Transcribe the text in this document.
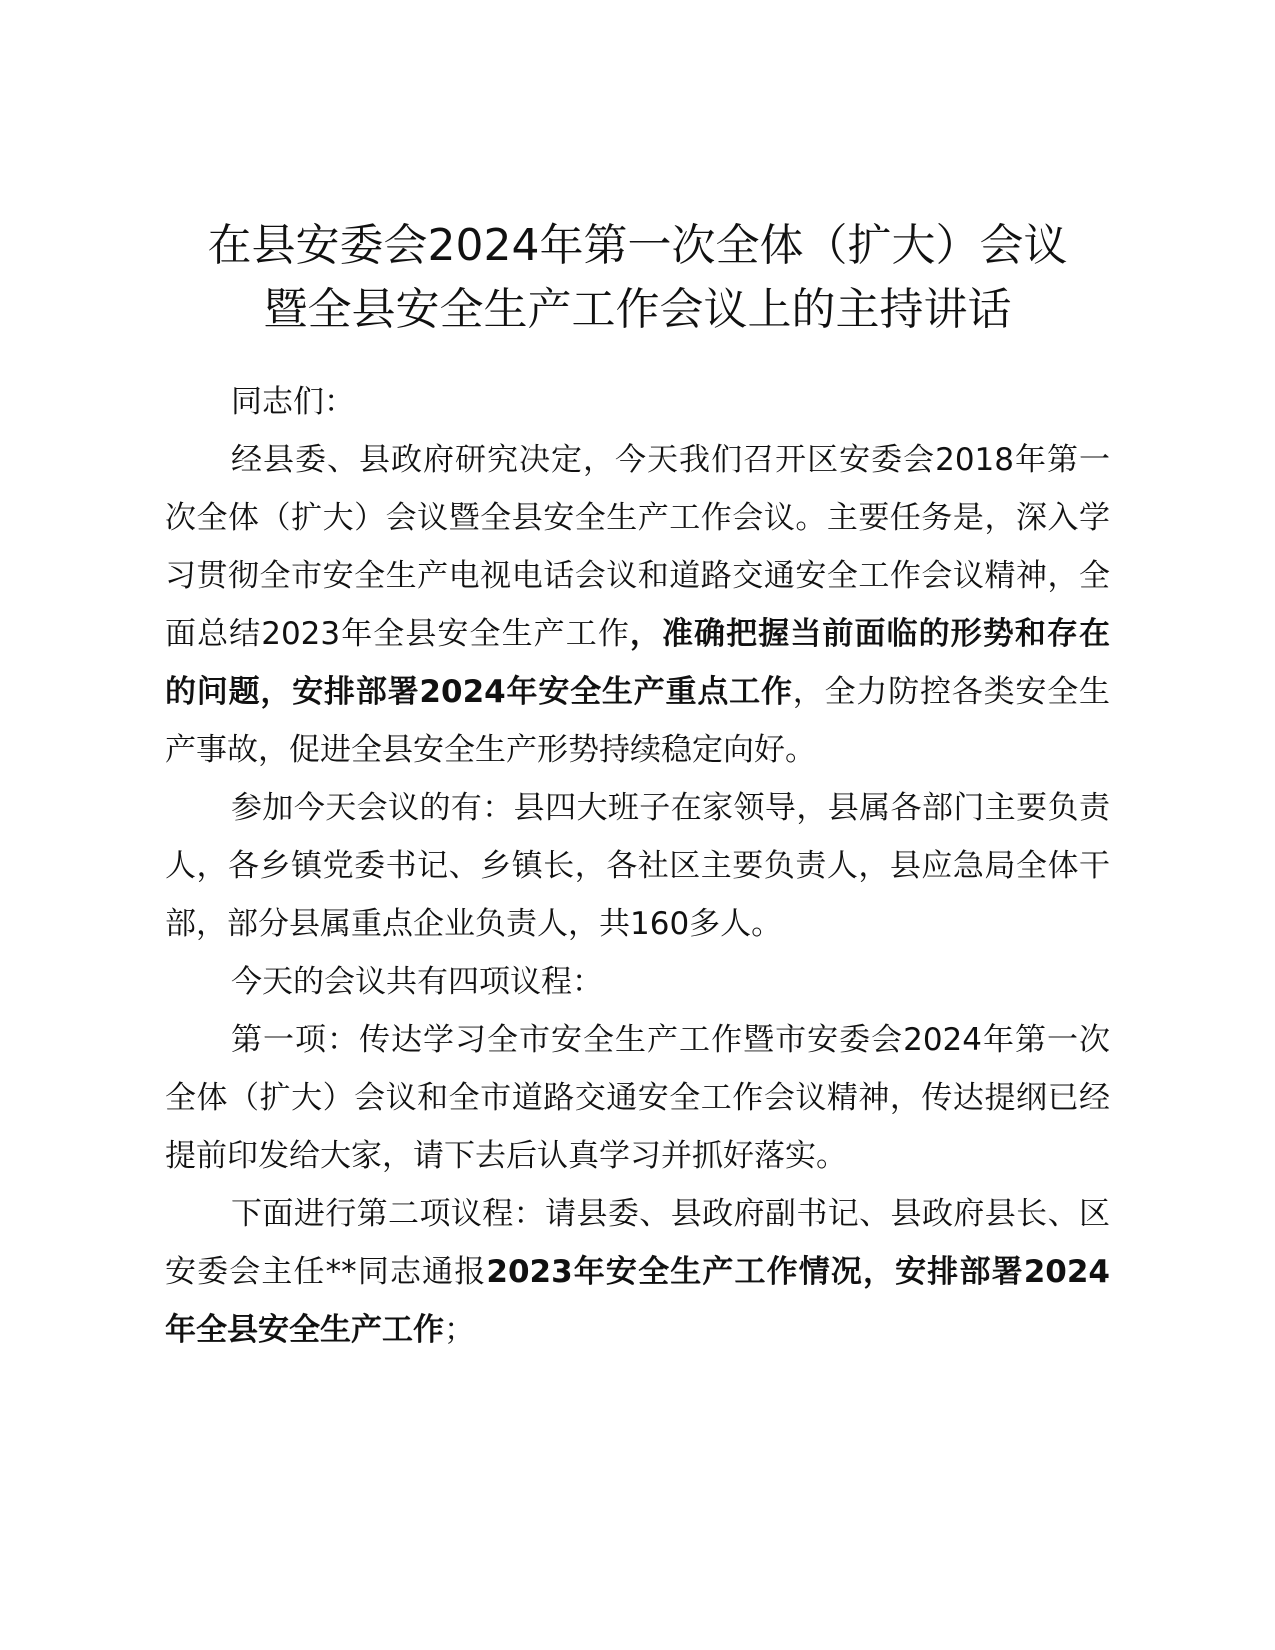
在县安委会2024年第一次全体（扩大）会议
暨全县安全生产工作会议上的主持讲话

同志们：

经县委、县政府研究决定，今天我们召开区安委会2018年第一次全体（扩大）会议暨全县安全生产工作会议。主要任务是，深入学习贯彻全市安全生产电视电话会议和道路交通安全工作会议精神，全面总结2023年全县安全生产工作，准确把握当前面临的形势和存在的问题，安排部署2024年安全生产重点工作，全力防控各类安全生产事故，促进全县安全生产形势持续稳定向好。

参加今天会议的有：县四大班子在家领导，县属各部门主要负责人，各乡镇党委书记、乡镇长，各社区主要负责人，县应急局全体干部，部分县属重点企业负责人，共160多人。

今天的会议共有四项议程：

第一项：传达学习全市安全生产工作暨市安委会2024年第一次全体（扩大）会议和全市道路交通安全工作会议精神，传达提纲已经提前印发给大家，请下去后认真学习并抓好落实。

下面进行第二项议程：请县委、县政府副书记、县政府县长、区安委会主任**同志通报2023年安全生产工作情况，安排部署2024年全县安全生产工作；
